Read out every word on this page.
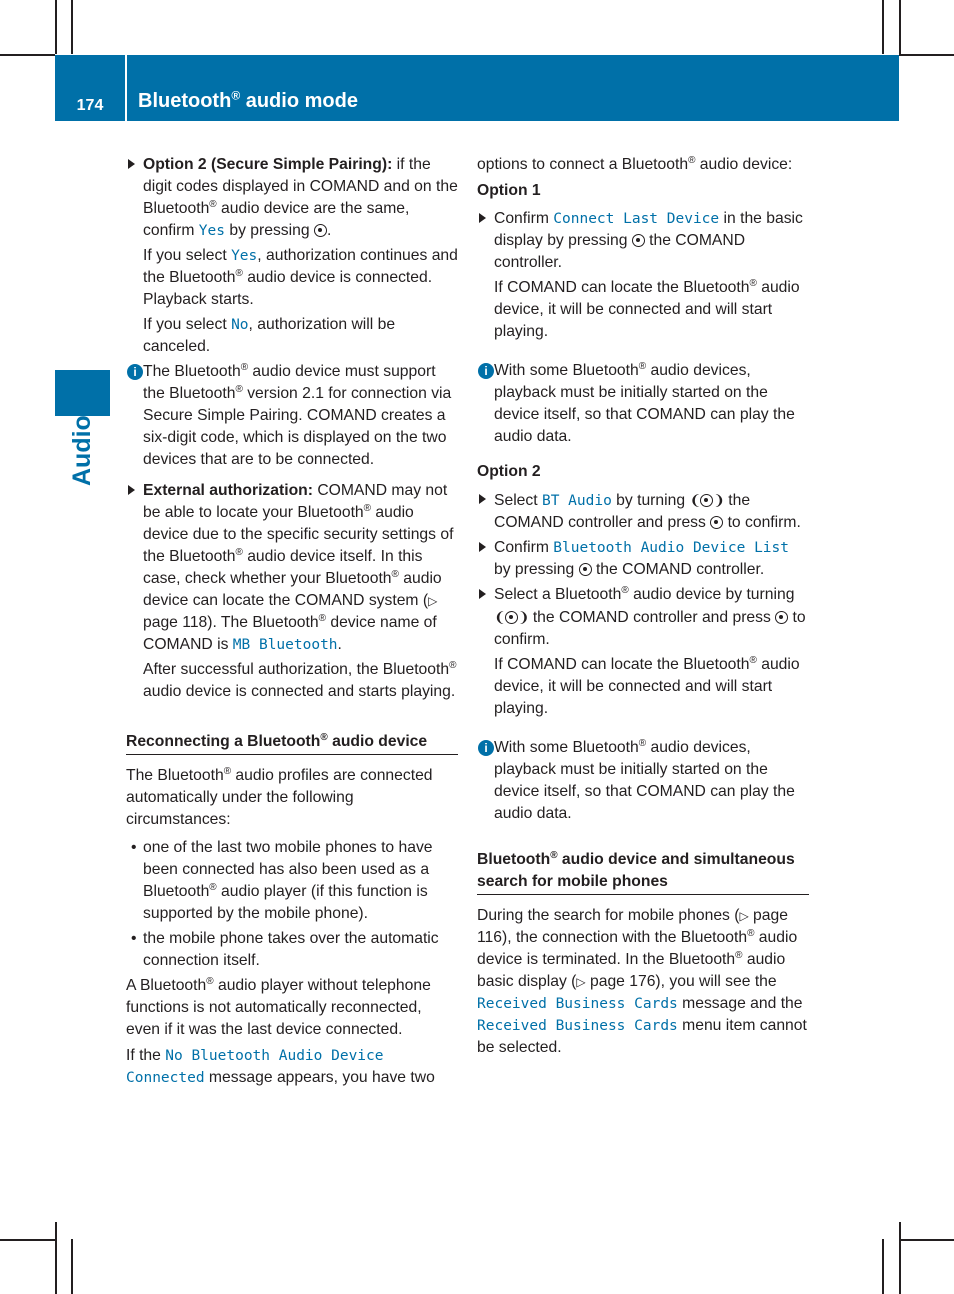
174	Bluetooth® audio mode
Audio

Option 2 (Secure Simple Pairing): if the digit codes displayed in COMAND and on the Bluetooth® audio device are the same, confirm Yes by pressing .

If you select Yes, authorization continues and the Bluetooth® audio device is connected. Playback starts.

If you select No, authorization will be canceled.

i The Bluetooth® audio device must support the Bluetooth® version 2.1 for connection via Secure Simple Pairing. COMAND creates a six-digit code, which is displayed on the two devices that are to be connected.

External authorization: COMAND may not be able to locate your Bluetooth® audio device due to the specific security settings of the Bluetooth® audio device itself. In this case, check whether your Bluetooth® audio device can locate the COMAND system (▷ page 118). The Bluetooth® device name of COMAND is MB Bluetooth.

After successful authorization, the Bluetooth® audio device is connected and starts playing.

Reconnecting a Bluetooth® audio device

The Bluetooth® audio profiles are connected automatically under the following circumstances:

• one of the last two mobile phones to have been connected has also been used as a Bluetooth® audio player (if this function is supported by the mobile phone).

• the mobile phone takes over the automatic connection itself.

A Bluetooth® audio player without telephone functions is not automatically reconnected, even if it was the last device connected.

If the No Bluetooth Audio Device Connected message appears, you have two

options to connect a Bluetooth® audio device:

Option 1

Confirm Connect Last Device in the basic display by pressing  the COMAND controller.

If COMAND can locate the Bluetooth® audio device, it will be connected and will start playing.

i With some Bluetooth® audio devices, playback must be initially started on the device itself, so that COMAND can play the audio data.

Option 2

Select BT Audio by turning ❨ ❩ the COMAND controller and press  to confirm.

Confirm Bluetooth Audio Device List
by pressing  the COMAND controller.

Select a Bluetooth® audio device by turning ❨ ❩ the COMAND controller and press  to confirm.

If COMAND can locate the Bluetooth® audio device, it will be connected and will start playing.

i With some Bluetooth® audio devices, playback must be initially started on the device itself, so that COMAND can play the audio data.

Bluetooth® audio device and simultaneous search for mobile phones

During the search for mobile phones (▷ page 116), the connection with the Bluetooth® audio device is terminated. In the Bluetooth® audio basic display (▷ page 176), you will see the Received Business Cards message and the Received Business Cards menu item cannot be selected.
